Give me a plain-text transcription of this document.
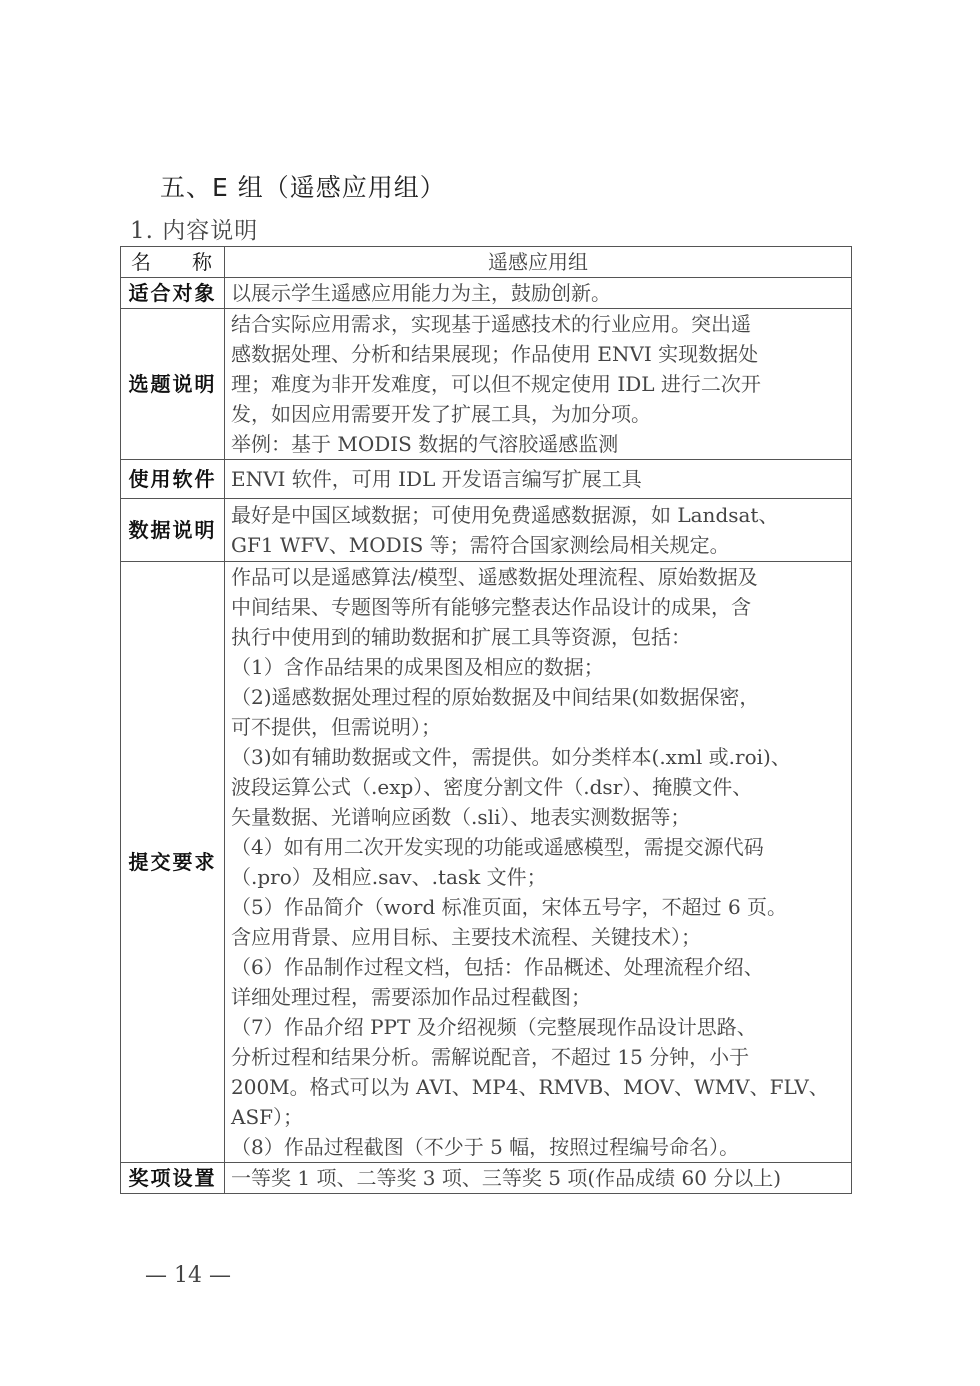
五、E 组（遥感应用组）
1. 内容说明
名 称	遥感应用组
适合对象	以展示学生遥感应用能力为主，鼓励创新。

选题说明	结合实际应用需求，实现基于遥感技术的行业应用。突出遥
感数据处理、分析和结果展现；作品使用 ENVI 实现数据处
理；难度为非开发难度，可以但不规定使用 IDL 进行二次开
发，如因应用需要开发了扩展工具，为加分项。
举例：基于 MODIS 数据的气溶胶遥感监测

使用软件	ENVI 软件，可用 IDL 开发语言编写扩展工具

数据说明	最好是中国区域数据；可使用免费遥感数据源，如 Landsat、
GF1 WFV、MODIS 等；需符合国家测绘局相关规定。

提交要求	
作品可以是遥感算法/模型、遥感数据处理流程、原始数据及
中间结果、专题图等所有能够完整表达作品设计的成果，含
执行中使用到的辅助数据和扩展工具等资源，包括：
（1）含作品结果的成果图及相应的数据；
（2)遥感数据处理过程的原始数据及中间结果(如数据保密，
可不提供，但需说明）；
（3)如有辅助数据或文件，需提供。如分类样本(.xml 或.roi)、
波段运算公式（.exp）、密度分割文件（.dsr）、掩膜文件、
矢量数据、光谱响应函数（.sli）、地表实测数据等；
（4）如有用二次开发实现的功能或遥感模型，需提交源代码
（.pro）及相应.sav、.task 文件；
（5）作品简介（word 标准页面，宋体五号字，不超过 6 页。
含应用背景、应用目标、主要技术流程、关键技术）；
（6）作品制作过程文档，包括：作品概述、处理流程介绍、
详细处理过程，需要添加作品过程截图；
（7）作品介绍 PPT 及介绍视频（完整展现作品设计思路、
分析过程和结果分析。需解说配音，不超过 15 分钟，小于
200M。格式可以为 AVI、MP4、RMVB、MOV、WMV、FLV、
ASF）；
（8）作品过程截图（不少于 5 幅，按照过程编号命名）。

奖项设置	一等奖 1 项、二等奖 3 项、三等奖 5 项(作品成绩 60 分以上)
— 14 —
